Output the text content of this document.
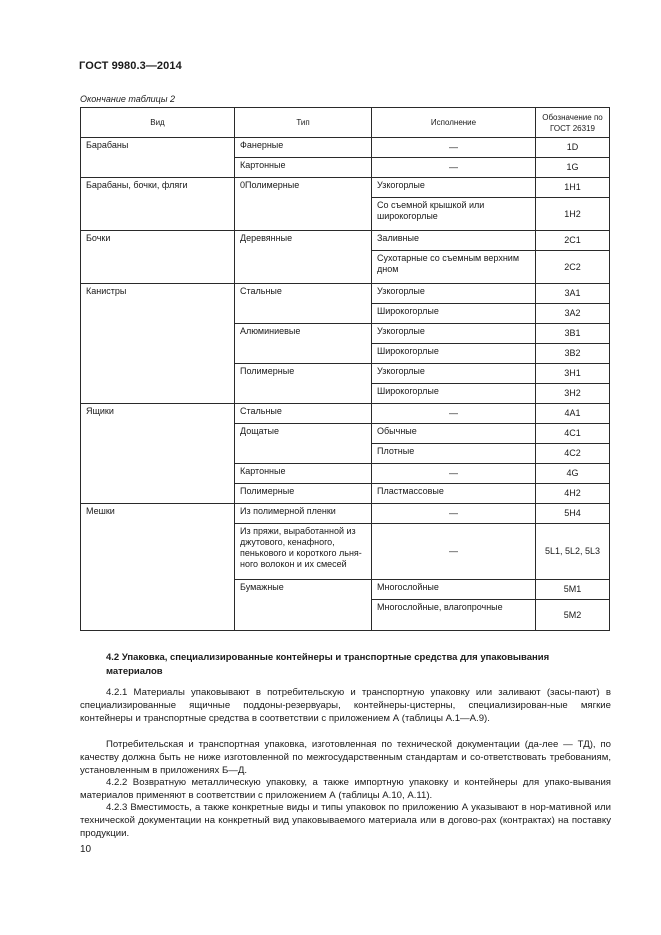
ГОСТ 9980.3—2014
Окончание таблицы 2
Вид	Тип	Исполнение	Обозначение по ГОСТ 26319
Барабаны	Фанерные	—	1D
	Картонные	—	1G
Барабаны, бочки, фляги	0Полимерные	Узкогорлые	1H1
		Со съемной крышкой или широкогорлые	1H2
Бочки	Деревянные	Заливные	2C1
		Сухотарные со съемным верхним дном	2C2
Канистры	Стальные	Узкогорлые	3A1
		Широкогорлые	3A2
	Алюминиевые	Узкогорлые	3B1
		Широкогорлые	3B2
	Полимерные	Узкогорлые	3H1
		Широкогорлые	3H2
Ящики	Стальные	—	4A1
	Дощатые	Обычные	4C1
		Плотные	4C2
	Картонные	—	4G
	Полимерные	Пластмассовые	4H2
Мешки	Из полимерной пленки	—	5H4
	Из пряжи, выработанной из джутового, кенафного, пенькового и короткого льня-ного волокон и их смесей	—	5L1, 5L2, 5L3
	Бумажные	Многослойные	5M1
		Многослойные, влагопрочные	5M2
4.2 Упаковка, специализированные контейнеры и транспортные средства для упаковывания материалов
4.2.1 Материалы упаковывают в потребительскую и транспортную упаковку или заливают (засы-пают) в специализированные ящичные поддоны-резервуары, контейнеры-цистерны, специализирован-ные мягкие контейнеры и транспортные средства в соответствии с приложением А (таблицы А.1—А.9).
Потребительская и транспортная упаковка, изготовленная по технической документации (да-лее — ТД), по качеству должна быть не ниже изготовленной по межгосударственным стандартам и со-ответствовать требованиям, установленным в приложениях Б—Д.
4.2.2 Возвратную металлическую упаковку, а также импортную упаковку и контейнеры для упако-вывания материалов применяют в соответствии с приложением А (таблицы А.10, А.11).
4.2.3 Вместимость, а также конкретные виды и типы упаковок по приложению А указывают в нор-мативной или технической документации на конкретный вид упаковываемого материала или в догово-рах (контрактах) на поставку продукции.
10
